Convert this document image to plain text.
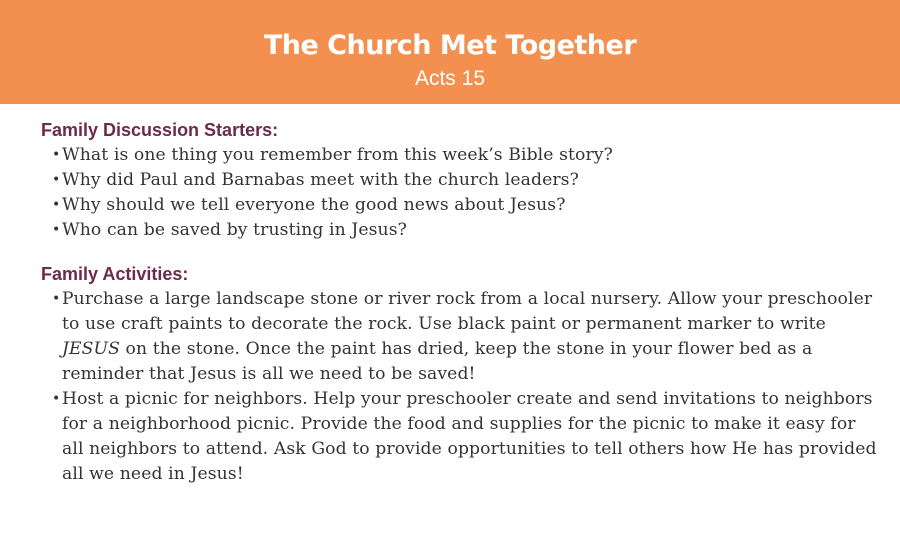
The Church Met Together
Acts 15
Family Discussion Starters:
• What is one thing you remember from this week’s Bible story?
• Why did Paul and Barnabas meet with the church leaders?
• Why should we tell everyone the good news about Jesus?
• Who can be saved by trusting in Jesus?
Family Activities:
• Purchase a large landscape stone or river rock from a local nursery. Allow your preschooler to use craft paints to decorate the rock. Use black paint or permanent marker to write JESUS on the stone. Once the paint has dried, keep the stone in your flower bed as a reminder that Jesus is all we need to be saved!
• Host a picnic for neighbors. Help your preschooler create and send invitations to neighbors for a neighborhood picnic. Provide the food and supplies for the picnic to make it easy for all neighbors to attend. Ask God to provide opportunities to tell others how He has provided all we need in Jesus!
